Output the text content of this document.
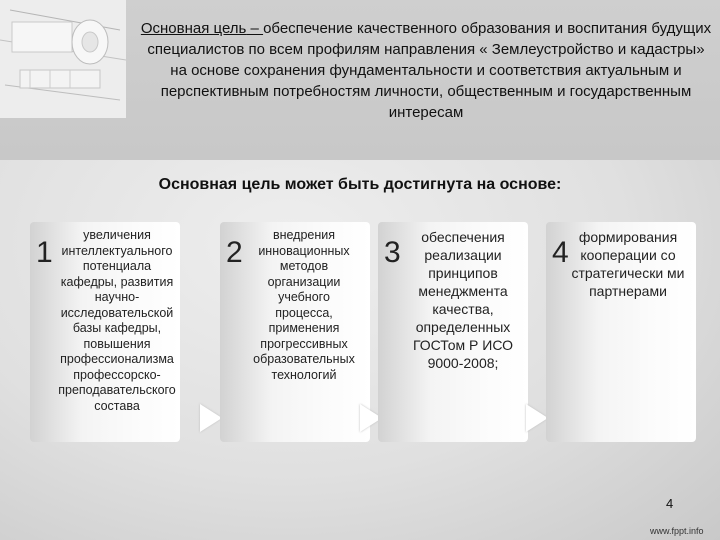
Основная цель – обеспечение качественного образования и воспитания будущих специалистов по всем профилям направления « Землеустройство и кадастры» на основе сохранения фундаментальности и соответствия актуальным и перспективным потребностям личности, общественным и государственным интересам
Основная цель может быть достигнута на основе:
1
увеличения интеллектуального потенциала кафедры, развития научно-исследовательской базы кафедры, повышения профессионализма профессорско-преподавательского состава
2
внедрения инновационных методов организации учебного процесса, применения прогрессивных образовательных технологий
3	обеспечения реализации принципов менеджмента качества, определенных ГОСТом Р ИСО 9000-2008;
4 формирования кооперации со стратегически ми партнерами
4
www.fppt.info
